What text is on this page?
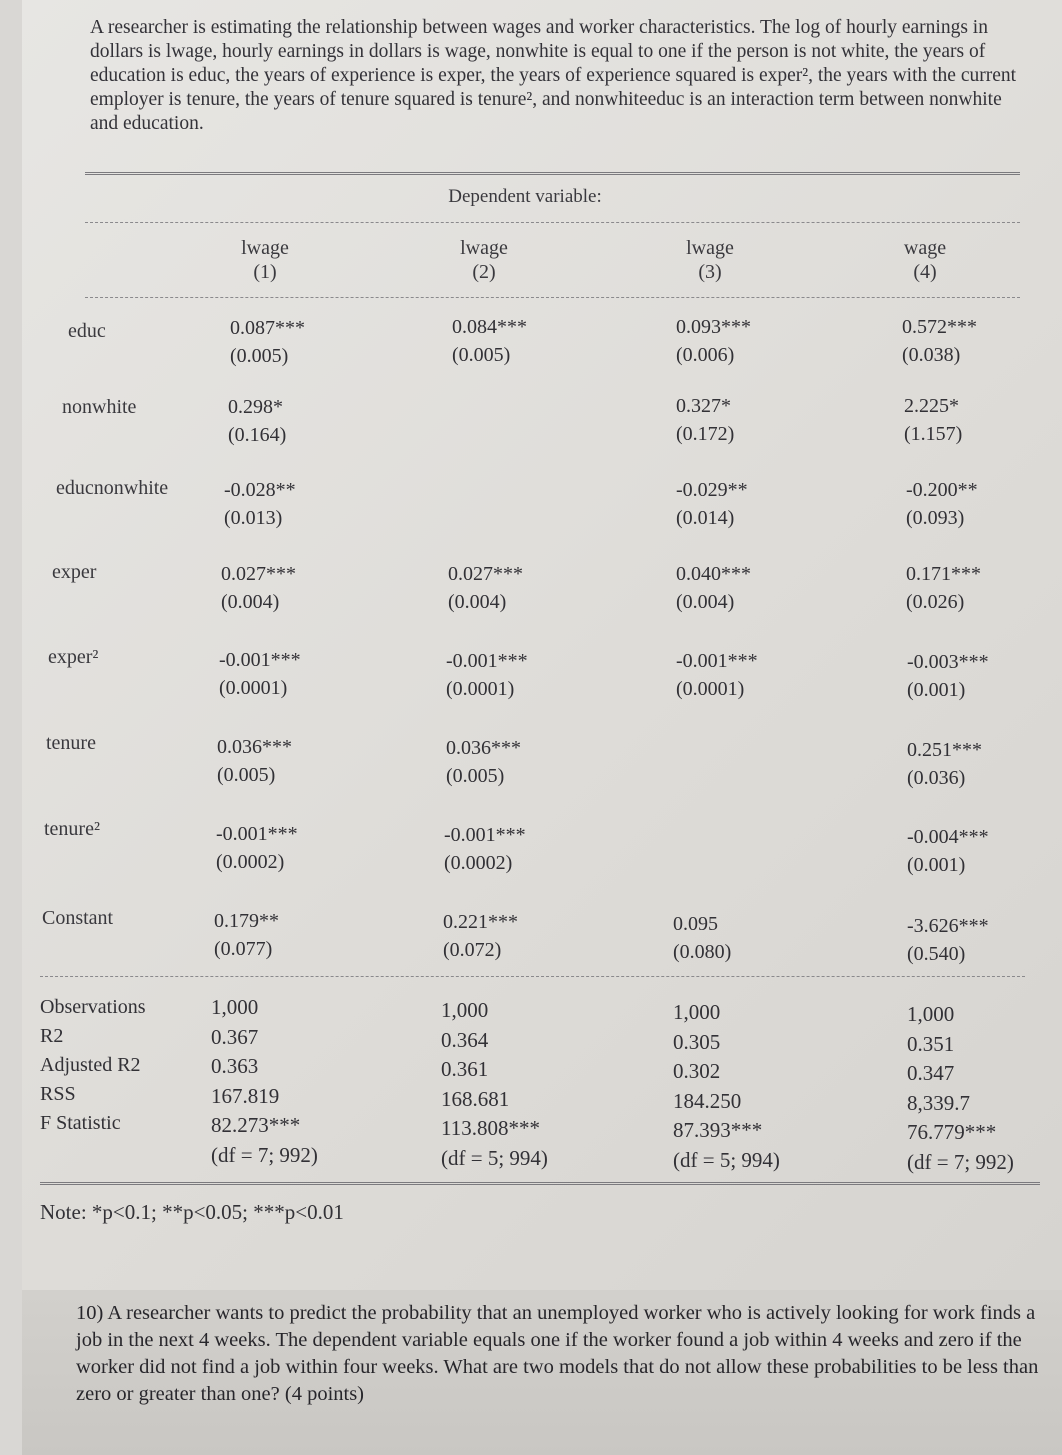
A researcher is estimating the relationship between wages and worker characteristics. The log of hourly earnings in dollars is lwage, hourly earnings in dollars is wage, nonwhite is equal to one if the person is not white, the years of education is educ, the years of experience is exper, the years of experience squared is exper², the years with the current employer is tenure, the years of tenure squared is tenure², and nonwhiteeduc is an interaction term between nonwhite and education.
Dependent variable:
lwage
(1)
lwage
(2)
lwage
(3)
wage
(4)
educ
nonwhite
educnonwhite
exper
exper²
tenure
tenure²
Constant
0.087***
(0.005)
0.084***
(0.005)
0.093***
(0.006)
0.572***
(0.038)
0.298*
(0.164)
0.327*
(0.172)
2.225*
(1.157)
-0.028**
(0.013)
-0.029**
(0.014)
-0.200**
(0.093)
0.027***
(0.004)
0.027***
(0.004)
0.040***
(0.004)
0.171***
(0.026)
-0.001***
(0.0001)
-0.001***
(0.0001)
-0.001***
(0.0001)
-0.003***
(0.001)
0.036***
(0.005)
0.036***
(0.005)
0.251***
(0.036)
-0.001***
(0.0002)
-0.001***
(0.0002)
-0.004***
(0.001)
0.179**
(0.077)
0.221***
(0.072)
0.095
(0.080)
-3.626***
(0.540)
Observations
R2
Adjusted R2
RSS
F Statistic
1,000
0.367
0.363
167.819
82.273***
(df = 7; 992)
1,000
0.364
0.361
168.681
113.808***
(df = 5; 994)
1,000
0.305
0.302
184.250
87.393***
(df = 5; 994)
1,000
0.351
0.347
8,339.7
76.779***
(df = 7; 992)
Note: *p<0.1; **p<0.05; ***p<0.01
10) A researcher wants to predict the probability that an unemployed worker who is actively looking for work finds a job in the next 4 weeks. The dependent variable equals one if the worker found a job within 4 weeks and zero if the worker did not find a job within four weeks. What are two models that do not allow these probabilities to be less than zero or greater than one? (4 points)
